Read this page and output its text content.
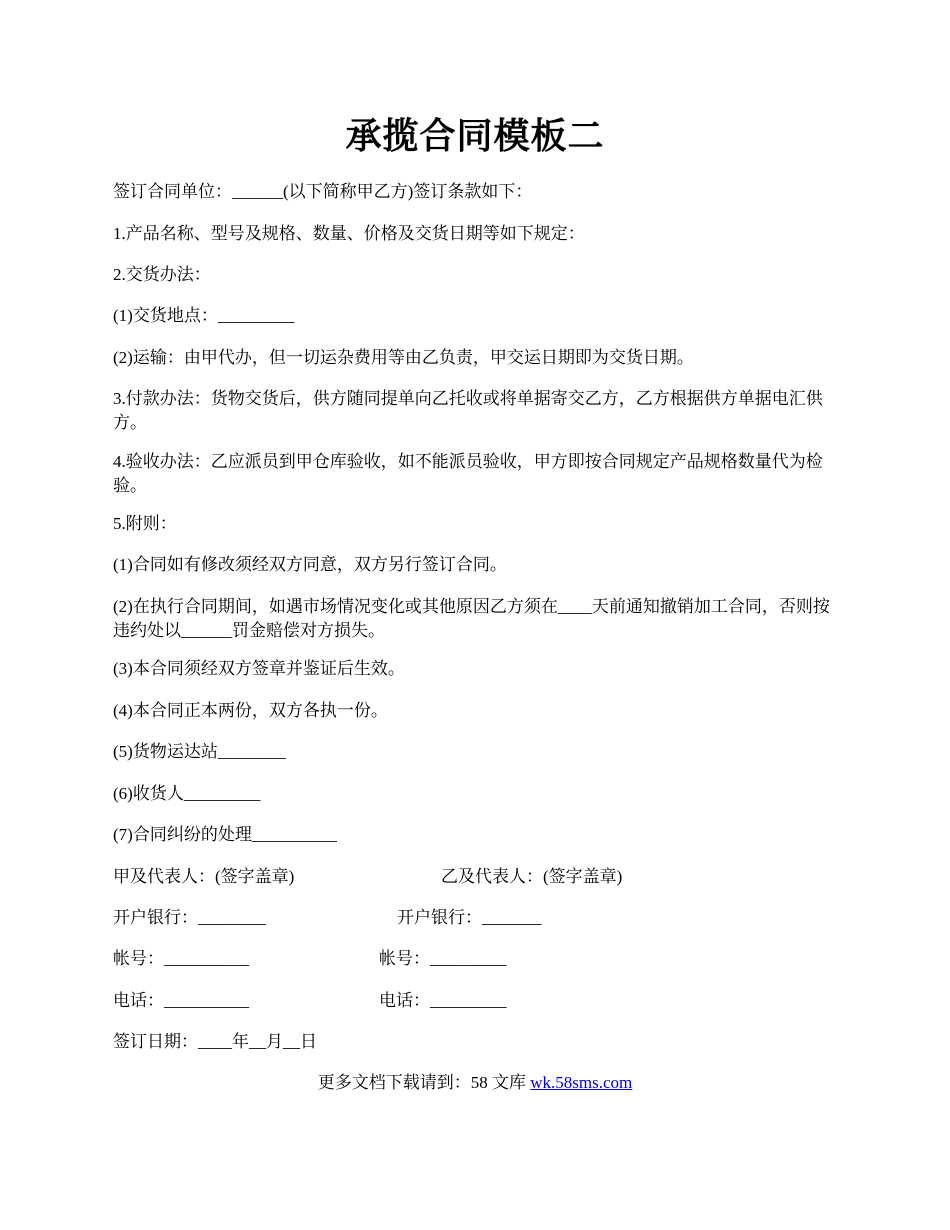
承揽合同模板二

签订合同单位：______(以下简称甲乙方)签订条款如下：

1.产品名称、型号及规格、数量、价格及交货日期等如下规定：

2.交货办法：

(1)交货地点：_________

(2)运输：由甲代办，但一切运杂费用等由乙负责，甲交运日期即为交货日期。

3.付款办法：货物交货后，供方随同提单向乙托收或将单据寄交乙方，乙方根据供方单据电汇供方。

4.验收办法：乙应派员到甲仓库验收，如不能派员验收，甲方即按合同规定产品规格数量代为检验。

5.附则：

(1)合同如有修改须经双方同意，双方另行签订合同。

(2)在执行合同期间，如遇市场情况变化或其他原因乙方须在____天前通知撤销加工合同，否则按违约处以______罚金赔偿对方损失。

(3)本合同须经双方签章并鉴证后生效。

(4)本合同正本两份，双方各执一份。

(5)货物运达站________

(6)收货人_________

(7)合同纠纷的处理__________

甲及代表人：(签字盖章)	乙及代表人：(签字盖章)
开户银行：________	开户银行：_______
帐号：__________	帐号：_________
电话：__________	电话：_________
签订日期：____年__月__日
更多文档下载请到：58 文库 wk.58sms.com
